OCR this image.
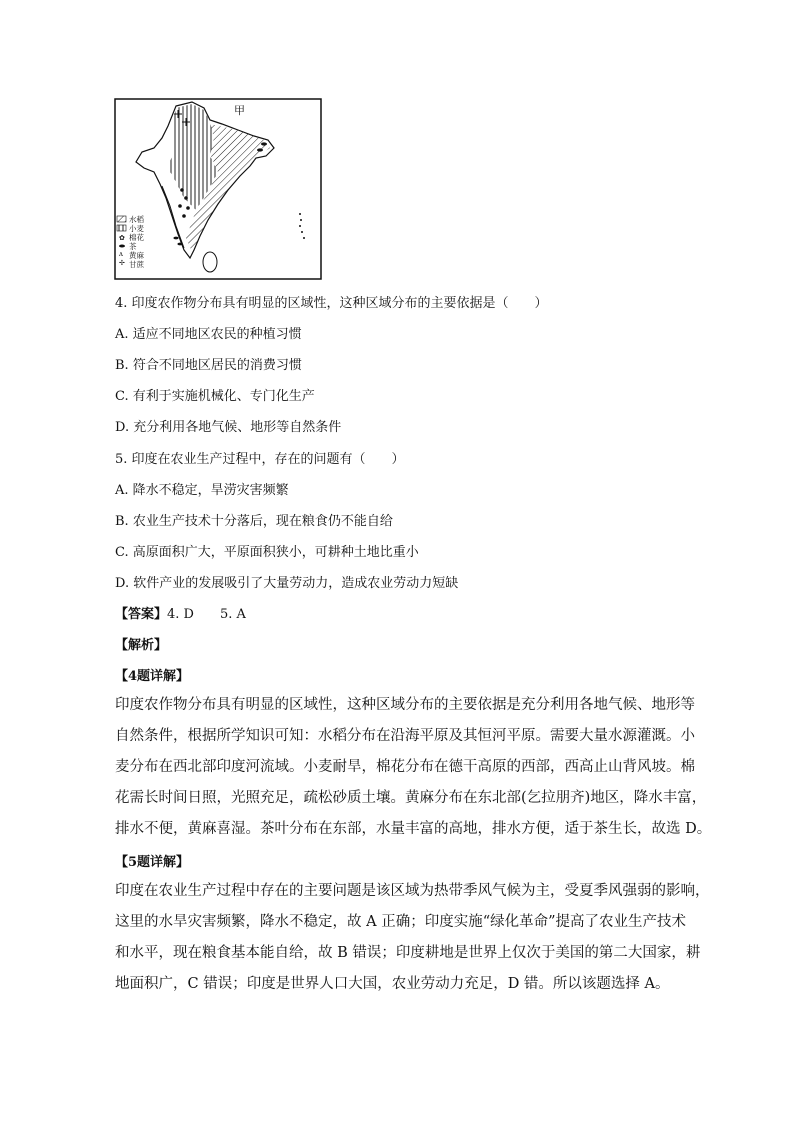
甲
✿
ᴧ
✢
水稻
小麦
棉花
茶
黄麻
甘蔗

4. 印度农作物分布具有明显的区域性，这种区域分布的主要依据是（　　）

A. 适应不同地区农民的种植习惯

B. 符合不同地区居民的消费习惯

C. 有利于实施机械化、专门化生产

D. 充分利用各地气候、地形等自然条件

5. 印度在农业生产过程中，存在的问题有（　　）

A. 降水不稳定，旱涝灾害频繁

B. 农业生产技术十分落后，现在粮食仍不能自给

C. 高原面积广大，平原面积狭小，可耕种土地比重小

D. 软件产业的发展吸引了大量劳动力，造成农业劳动力短缺

【答案】4. D　　5. A

【解析】

【4题详解】

印度农作物分布具有明显的区域性，这种区域分布的主要依据是充分利用各地气候、地形等
自然条件，根据所学知识可知：水稻分布在沿海平原及其恒河平原。需要大量水源灌溉。小
麦分布在西北部印度河流域。小麦耐旱，棉花分布在德干高原的西部，西高止山背风坡。棉
花需长时间日照，光照充足，疏松砂质土壤。黄麻分布在东北部(乞拉朋齐)地区，降水丰富，
排水不便，黄麻喜湿。茶叶分布在东部，水量丰富的高地，排水方便，适于茶生长，故选 D。

【5题详解】

印度在农业生产过程中存在的主要问题是该区域为热带季风气候为主，受夏季风强弱的影响，
这里的水旱灾害频繁，降水不稳定，故 A 正确；印度实施“绿化革命”提高了农业生产技术
和水平，现在粮食基本能自给，故 B 错误；印度耕地是世界上仅次于美国的第二大国家，耕
地面积广，C 错误；印度是世界人口大国，农业劳动力充足，D 错。所以该题选择 A。
